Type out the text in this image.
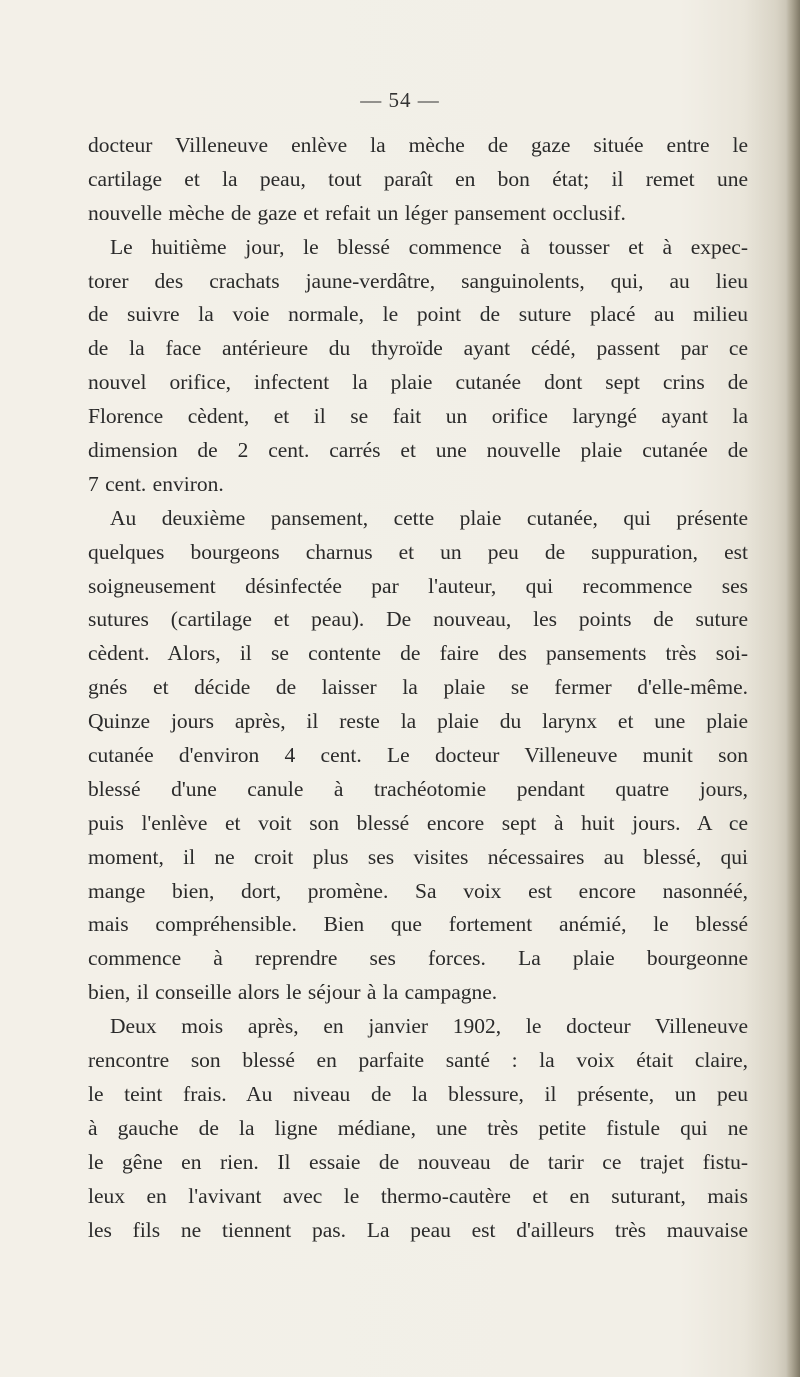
— 54 —
docteur Villeneuve enlève la mèche de gaze située entre le
cartilage et la peau, tout paraît en bon état; il remet une
nouvelle mèche de gaze et refait un léger pansement occlusif.
Le huitième jour, le blessé commence à tousser et à expec-
torer des crachats jaune-verdâtre, sanguinolents, qui, au lieu
de suivre la voie normale, le point de suture placé au milieu
de la face antérieure du thyroïde ayant cédé, passent par ce
nouvel orifice, infectent la plaie cutanée dont sept crins de
Florence cèdent, et il se fait un orifice laryngé ayant la
dimension de 2 cent. carrés et une nouvelle plaie cutanée de
7 cent. environ.
Au deuxième pansement, cette plaie cutanée, qui présente
quelques bourgeons charnus et un peu de suppuration, est
soigneusement désinfectée par l'auteur, qui recommence ses
sutures (cartilage et peau). De nouveau, les points de suture
cèdent. Alors, il se contente de faire des pansements très soi-
gnés et décide de laisser la plaie se fermer d'elle-même.
Quinze jours après, il reste la plaie du larynx et une plaie
cutanée d'environ 4 cent. Le docteur Villeneuve munit son
blessé d'une canule à trachéotomie pendant quatre jours,
puis l'enlève et voit son blessé encore sept à huit jours. A ce
moment, il ne croit plus ses visites nécessaires au blessé, qui
mange bien, dort, promène. Sa voix est encore nasonnéé,
mais compréhensible. Bien que fortement anémié, le blessé
commence à reprendre ses forces. La plaie bourgeonne
bien, il conseille alors le séjour à la campagne.
Deux mois après, en janvier 1902, le docteur Villeneuve
rencontre son blessé en parfaite santé : la voix était claire,
le teint frais. Au niveau de la blessure, il présente, un peu
à gauche de la ligne médiane, une très petite fistule qui ne
le gêne en rien. Il essaie de nouveau de tarir ce trajet fistu-
leux en l'avivant avec le thermo-cautère et en suturant, mais
les fils ne tiennent pas. La peau est d'ailleurs très mauvaise
